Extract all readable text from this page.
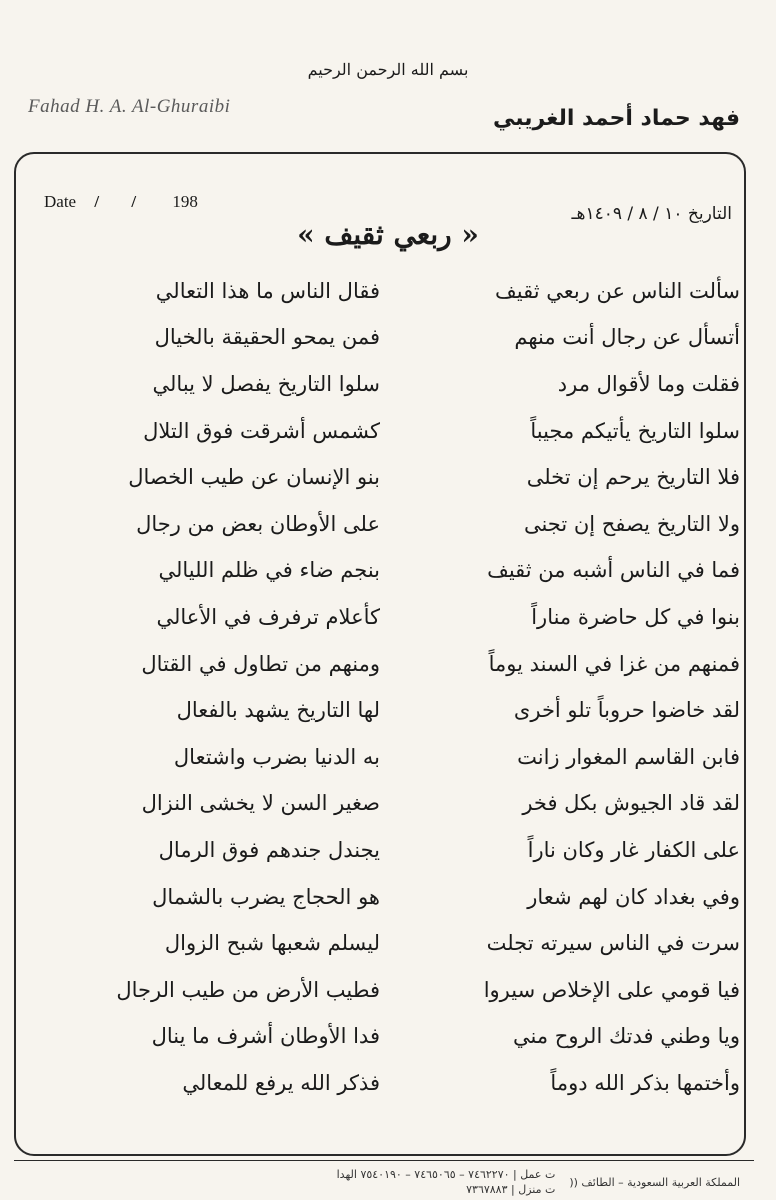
بسم الله الرحمن الرحيم
Fahad H. A. Al-Ghuraibi	فهد حماد أحمد الغريبي
Date / / 198
التاريخ ١٠ / ٨ / ١٤٠٩هـ
« ربعي ثقيف »
سألت الناس عن ربعي ثقيف
فقال الناس ما هذا التعالي
أتسأل عن رجال أنت منهم
فمن يمحو الحقيقة بالخيال
فقلت وما لأقوال مرد
سلوا التاريخ يفصل لا يبالي
سلوا التاريخ يأتيكم مجيباً
كشمس أشرقت فوق التلال
فلا التاريخ يرحم إن تخلى
بنو الإنسان عن طيب الخصال
ولا التاريخ يصفح إن تجنى
على الأوطان بعض من رجال
فما في الناس أشبه من ثقيف
بنجم ضاء في ظلم الليالي
بنوا في كل حاضرة مناراً
كأعلام ترفرف في الأعالي
فمنهم من غزا في السند يوماً
ومنهم من تطاول في القتال
لقد خاضوا حروباً تلو أخرى
لها التاريخ يشهد بالفعال
فابن القاسم المغوار زانت
به الدنيا بضرب واشتعال
لقد قاد الجيوش بكل فخر
صغير السن لا يخشى النزال
على الكفار غار وكان ناراً
يجندل جندهم فوق الرمال
وفي بغداد كان لهم شعار
هو الحجاج يضرب بالشمال
سرت في الناس سيرته تجلت
ليسلم شعبها شبح الزوال
فيا قومي على الإخلاص سيروا
فطيب الأرض من طيب الرجال
ويا وطني فدتك الروح مني
فدا الأوطان أشرف ما ينال
وأختمها بذكر الله دوماً
فذكر الله يرفع للمعالي
المملكة العربية السعودية – الطائف ((
ت عمل | ٧٤٦٢٢٧٠ – ٧٤٦٥٠٦٥ – ٧٥٤٠١٩٠ الهدا
ت منزل | ٧٣٦٧٨٨٣
